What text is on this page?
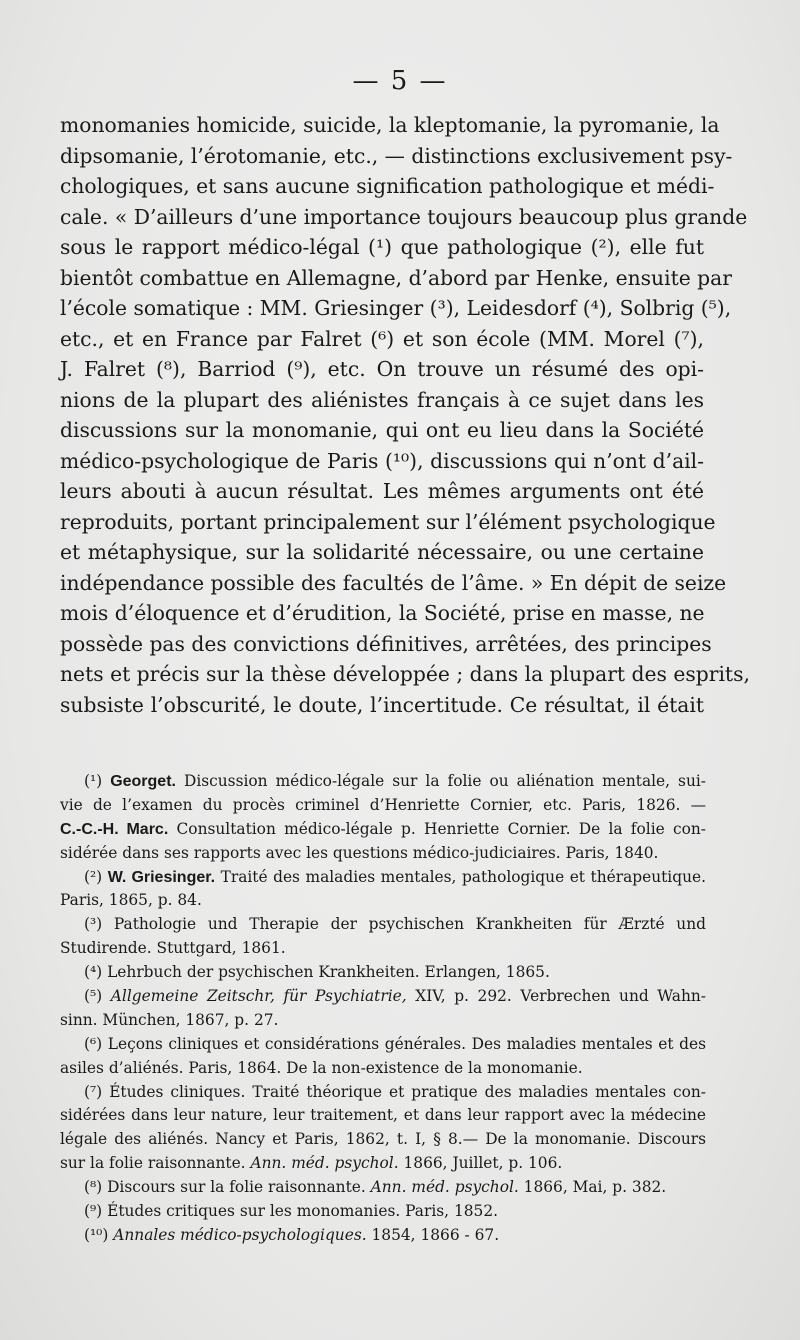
— 5 —
monomanies homicide, suicide, la kleptomanie, la pyromanie, la
dipsomanie, l’érotomanie, etc., — distinctions exclusivement psy-
chologiques, et sans aucune signification pathologique et médi-
cale. « D’ailleurs d’une importance toujours beaucoup plus grande
sous le rapport médico-légal (¹) que pathologique (²), elle fut
bientôt combattue en Allemagne, d’abord par Henke, ensuite par
l’école somatique : MM. Griesinger (³), Leidesdorf (⁴), Solbrig (⁵),
etc., et en France par Falret (⁶) et son école (MM. Morel (⁷),
J. Falret (⁸), Barriod (⁹), etc. On trouve un résumé des opi-
nions de la plupart des aliénistes français à ce sujet dans les
discussions sur la monomanie, qui ont eu lieu dans la Société
médico-psychologique de Paris (¹⁰), discussions qui n’ont d’ail-
leurs abouti à aucun résultat. Les mêmes arguments ont été
reproduits, portant principalement sur l’élément psychologique
et métaphysique, sur la solidarité nécessaire, ou une certaine
indépendance possible des facultés de l’âme. » En dépit de seize
mois d’éloquence et d’érudition, la Société, prise en masse, ne
possède pas des convictions définitives, arrêtées, des principes
nets et précis sur la thèse développée ; dans la plupart des esprits,
subsiste l’obscurité, le doute, l’incertitude. Ce résultat, il était
(¹) Georget. Discussion médico-légale sur la folie ou aliénation mentale, sui-
vie de l’examen du procès criminel d’Henriette Cornier, etc. Paris, 1826. —
C.-C.-H. Marc. Consultation médico-légale p. Henriette Cornier. De la folie con-
sidérée dans ses rapports avec les questions médico-judiciaires. Paris, 1840.
(²) W. Griesinger. Traité des maladies mentales, pathologique et thérapeutique.
Paris, 1865, p. 84.
(³) Pathologie und Therapie der psychischen Krankheiten für Ærzté und
Studirende. Stuttgard, 1861.
(⁴) Lehrbuch der psychischen Krankheiten. Erlangen, 1865.
(⁵) Allgemeine Zeitschr, für Psychiatrie, XIV, p. 292. Verbrechen und Wahn-
sinn. München, 1867, p. 27.
(⁶) Leçons cliniques et considérations générales. Des maladies mentales et des
asiles d’aliénés. Paris, 1864. De la non-existence de la monomanie.
(⁷) Études cliniques. Traité théorique et pratique des maladies mentales con-
sidérées dans leur nature, leur traitement, et dans leur rapport avec la médecine
légale des aliénés. Nancy et Paris, 1862, t. I, § 8.— De la monomanie. Discours
sur la folie raisonnante. Ann. méd. psychol. 1866, Juillet, p. 106.
(⁸) Discours sur la folie raisonnante. Ann. méd. psychol. 1866, Mai, p. 382.
(⁹) Études critiques sur les monomanies. Paris, 1852.
(¹⁰) Annales médico-psychologiques. 1854, 1866 - 67.
